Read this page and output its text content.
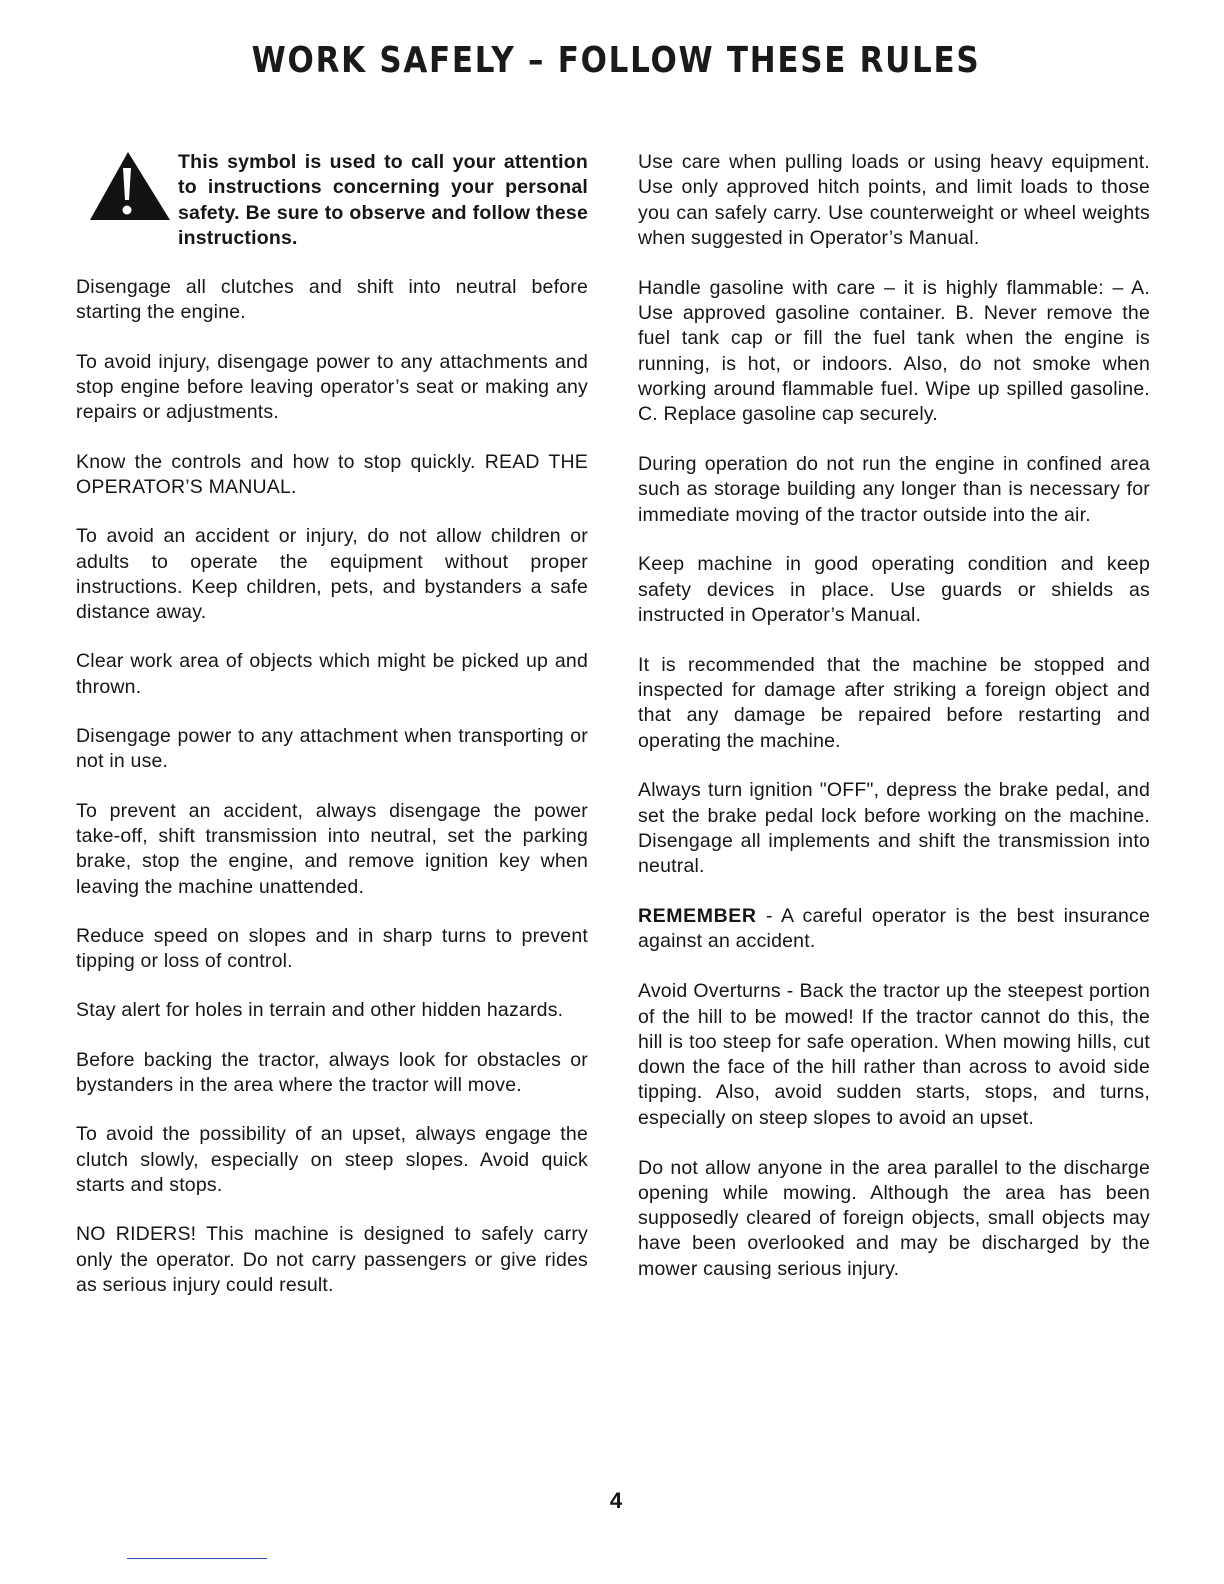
WORK SAFELY – FOLLOW THESE RULES

This symbol is used to call your attention to instructions concerning your personal safety. Be sure to observe and follow these instructions.

Disengage all clutches and shift into neutral before starting the engine.

To avoid injury, disengage power to any attachments and stop engine before leaving operator’s seat or making any repairs or adjustments.

Know the controls and how to stop quickly. READ THE OPERATOR’S MANUAL.

To avoid an accident or injury, do not allow children or adults to operate the equipment without proper instructions. Keep children, pets, and bystanders a safe distance away.

Clear work area of objects which might be picked up and thrown.

Disengage power to any attachment when transporting or not in use.

To prevent an accident, always disengage the power take-off, shift transmission into neutral, set the parking brake, stop the engine, and remove ignition key when leaving the machine unattended.

Reduce speed on slopes and in sharp turns to prevent tipping or loss of control.

Stay alert for holes in terrain and other hidden hazards.

Before backing the tractor, always look for obstacles or bystanders in the area where the tractor will move.

To avoid the possibility of an upset, always engage the clutch slowly, especially on steep slopes. Avoid quick starts and stops.

NO RIDERS! This machine is designed to safely carry only the operator. Do not carry passengers or give rides as serious injury could result.

Use care when pulling loads or using heavy equipment. Use only approved hitch points, and limit loads to those you can safely carry. Use counterweight or wheel weights when suggested in Operator’s Manual.

Handle gasoline with care – it is highly flammable: – A. Use approved gasoline container. B. Never remove the fuel tank cap or fill the fuel tank when the engine is running, is hot, or indoors. Also, do not smoke when working around flammable fuel. Wipe up spilled gasoline. C. Replace gasoline cap securely.

During operation do not run the engine in confined area such as storage building any longer than is necessary for immediate moving of the tractor outside into the air.

Keep machine in good operating condition and keep safety devices in place. Use guards or shields as instructed in Operator’s Manual.

It is recommended that the machine be stopped and inspected for damage after striking a foreign object and that any damage be repaired before restarting and operating the machine.

Always turn ignition "OFF", depress the brake pedal, and set the brake pedal lock before working on the machine. Disengage all implements and shift the transmission into neutral.

REMEMBER - A careful operator is the best insurance against an accident.

Avoid Overturns - Back the tractor up the steepest portion of the hill to be mowed! If the tractor cannot do this, the hill is too steep for safe operation. When mowing hills, cut down the face of the hill rather than across to avoid side tipping. Also, avoid sudden starts, stops, and turns, especially on steep slopes to avoid an upset.

Do not allow anyone in the area parallel to the discharge opening while mowing. Although the area has been supposedly cleared of foreign objects, small objects may have been overlooked and may be discharged by the mower causing serious injury.

4
